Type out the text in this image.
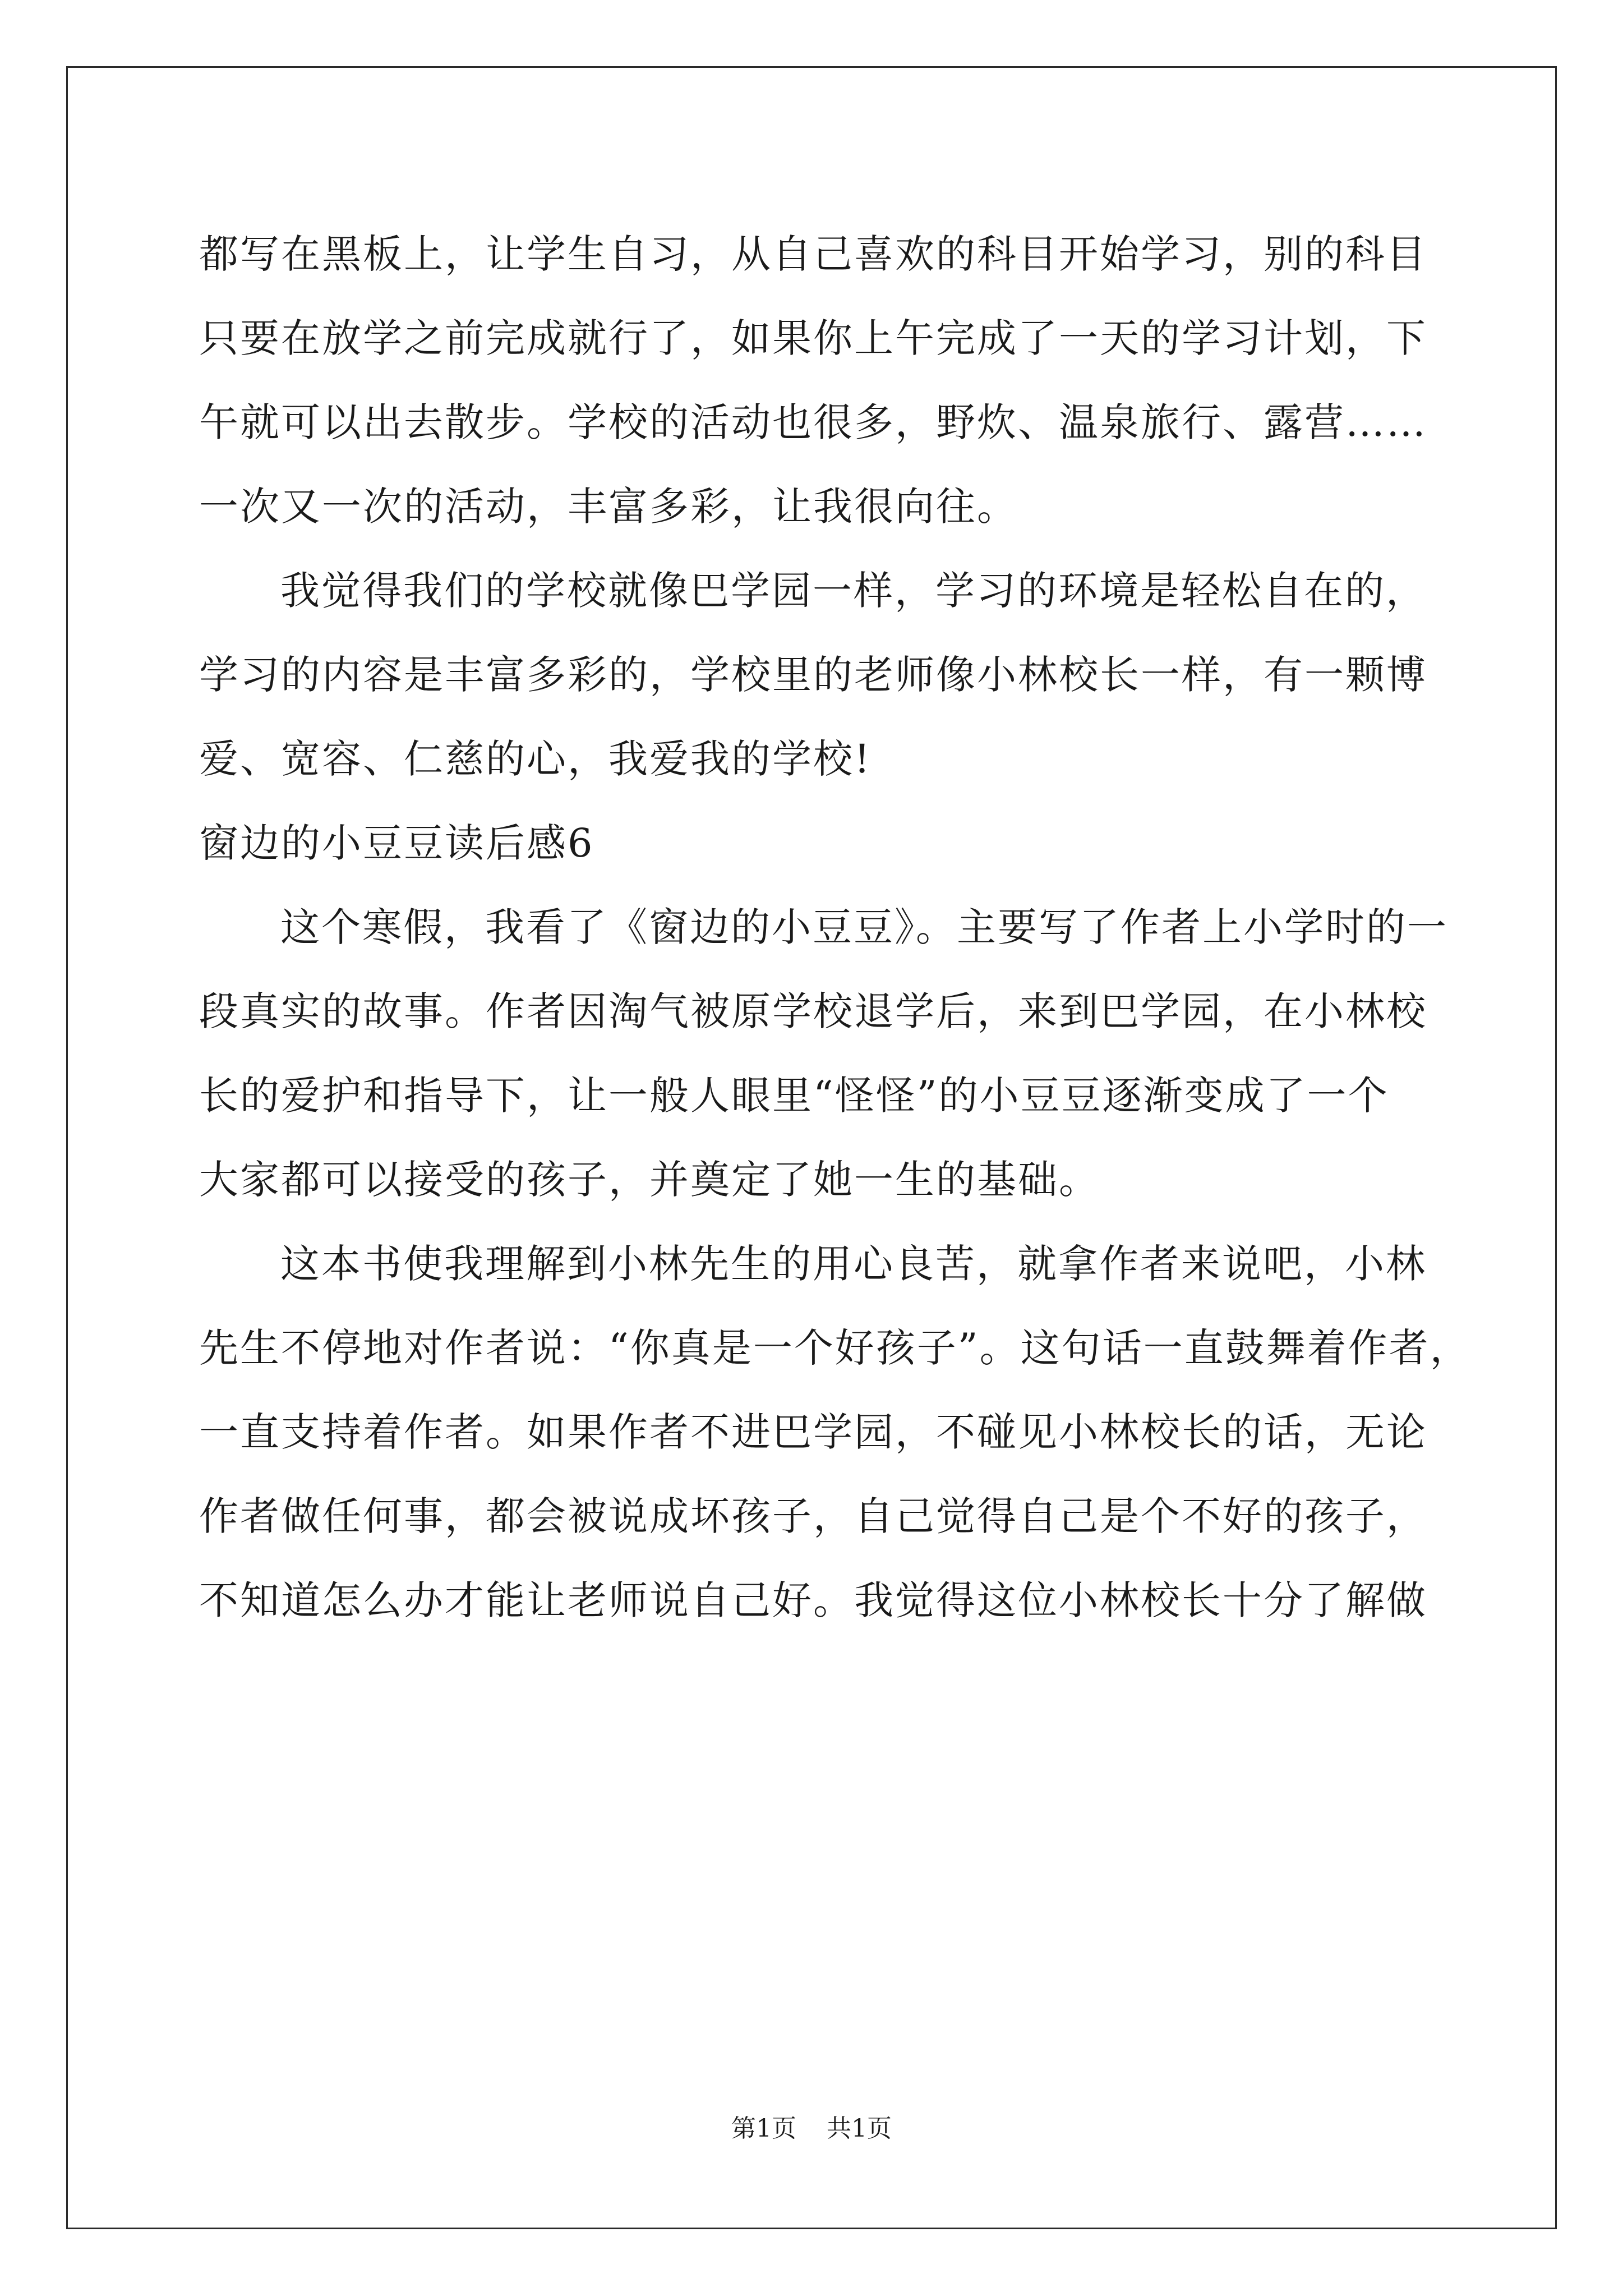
都写在黑板上，让学生自习，从自己喜欢的科目开始学习，别的科目
只要在放学之前完成就行了，如果你上午完成了一天的学习计划，下
午就可以出去散步。学校的活动也很多，野炊、温泉旅行、露营……
一次又一次的活动，丰富多彩，让我很向往。
我觉得我们的学校就像巴学园一样，学习的环境是轻松自在的，
学习的内容是丰富多彩的，学校里的老师像小林校长一样，有一颗博
爱、宽容、仁慈的心，我爱我的学校!
窗边的小豆豆读后感6
这个寒假，我看了《窗边的小豆豆》。主要写了作者上小学时的一
段真实的故事。作者因淘气被原学校退学后，来到巴学园，在小林校
长的爱护和指导下，让一般人眼里“怪怪”的小豆豆逐渐变成了一个
大家都可以接受的孩子，并奠定了她一生的基础。
这本书使我理解到小林先生的用心良苦，就拿作者来说吧，小林
先生不停地对作者说：“你真是一个好孩子”。这句话一直鼓舞着作者，
一直支持着作者。如果作者不进巴学园，不碰见小林校长的话，无论
作者做任何事，都会被说成坏孩子，自己觉得自己是个不好的孩子，
不知道怎么办才能让老师说自己好。我觉得这位小林校长十分了解做
第1页 共1页
